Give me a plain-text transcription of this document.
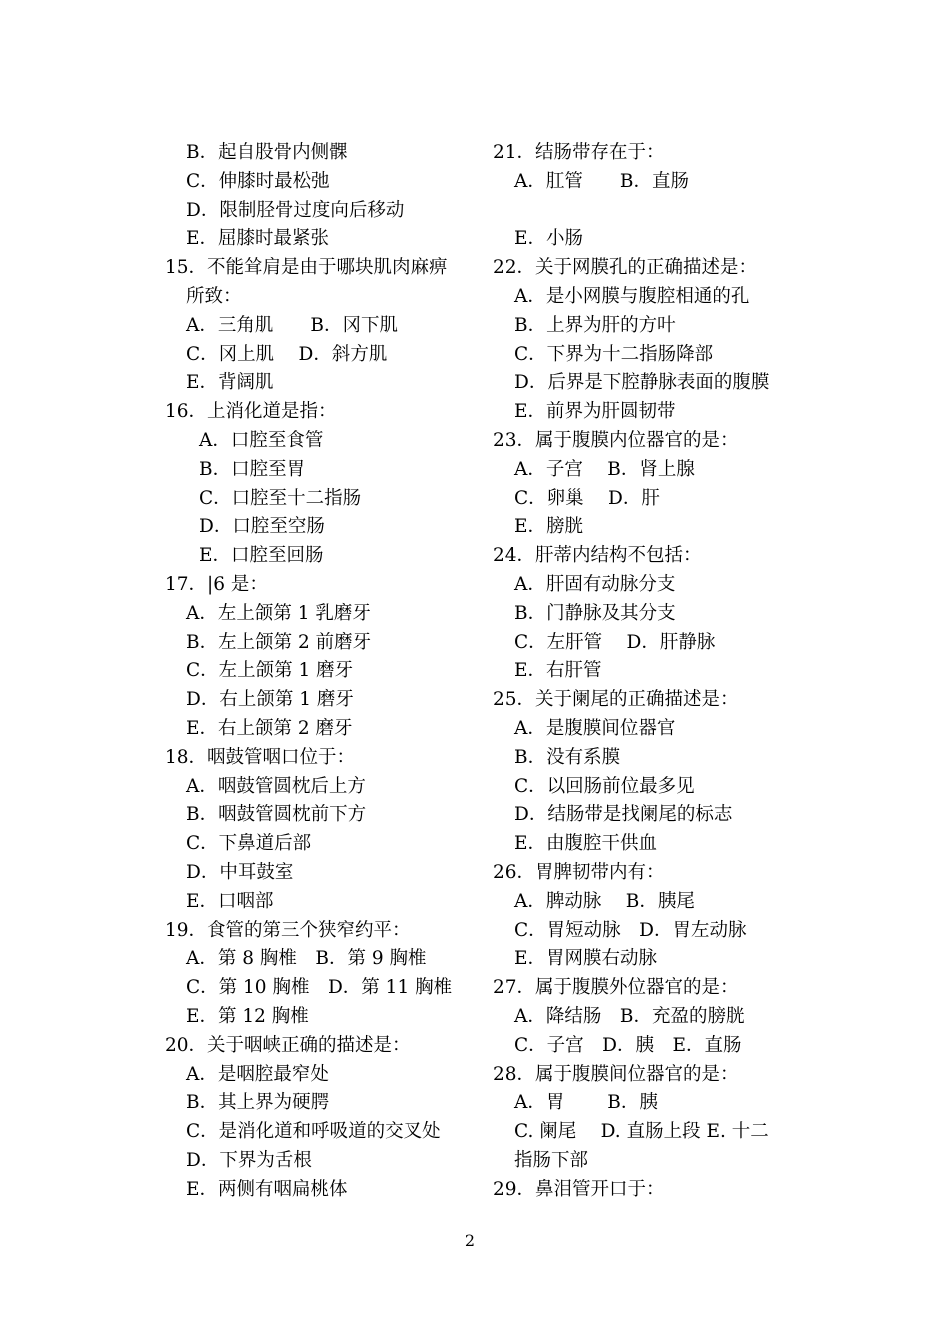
B．起自股骨内侧髁
C．伸膝时最松弛
D．限制胫骨过度向后移动
E．屈膝时最紧张
15．不能耸肩是由于哪块肌肉麻痹
所致：
A．三角肌　　B．冈下肌
C．冈上肌　 D．斜方肌
E．背阔肌
16．上消化道是指：
A．口腔至食管
B．口腔至胃
C．口腔至十二指肠
D．口腔至空肠
E．口腔至回肠
17．|6 是：
A．左上颌第 1 乳磨牙
B．左上颌第 2 前磨牙
C．左上颌第 1 磨牙
D．右上颌第 1 磨牙
E．右上颌第 2 磨牙
18．咽鼓管咽口位于：
A．咽鼓管圆枕后上方
B．咽鼓管圆枕前下方
C．下鼻道后部
D．中耳鼓室
E．口咽部
19．食管的第三个狭窄约平：
A．第 8 胸椎　B．第 9 胸椎
C．第 10 胸椎　D．第 11 胸椎
E．第 12 胸椎
20．关于咽峡正确的描述是：
A．是咽腔最窄处
B．其上界为硬腭
C．是消化道和呼吸道的交叉处
D．下界为舌根
E．两侧有咽扁桃体
21．结肠带存在于：
A．肛管　　B．直肠

E．小肠
22．关于网膜孔的正确描述是：
A．是小网膜与腹腔相通的孔
B．上界为肝的方叶
C．下界为十二指肠降部
D．后界是下腔静脉表面的腹膜
E．前界为肝圆韧带
23．属于腹膜内位器官的是：
A．子宫　 B．肾上腺
C．卵巢　 D．肝
E．膀胱
24．肝蒂内结构不包括：
A．肝固有动脉分支
B．门静脉及其分支
C．左肝管　 D．肝静脉
E．右肝管
25．关于阑尾的正确描述是：
A．是腹膜间位器官
B．没有系膜
C．以回肠前位最多见
D．结肠带是找阑尾的标志
E．由腹腔干供血
26．胃脾韧带内有：
A．脾动脉　 B．胰尾
C．胃短动脉　D．胃左动脉
E．胃网膜右动脉
27．属于腹膜外位器官的是：
A．降结肠　B．充盈的膀胱
C．子宫　D．胰　E．直肠
28．属于腹膜间位器官的是：
A．胃　　 B．胰
C. 阑尾　 D. 直肠上段 E. 十二
指肠下部
29．鼻泪管开口于：
2
